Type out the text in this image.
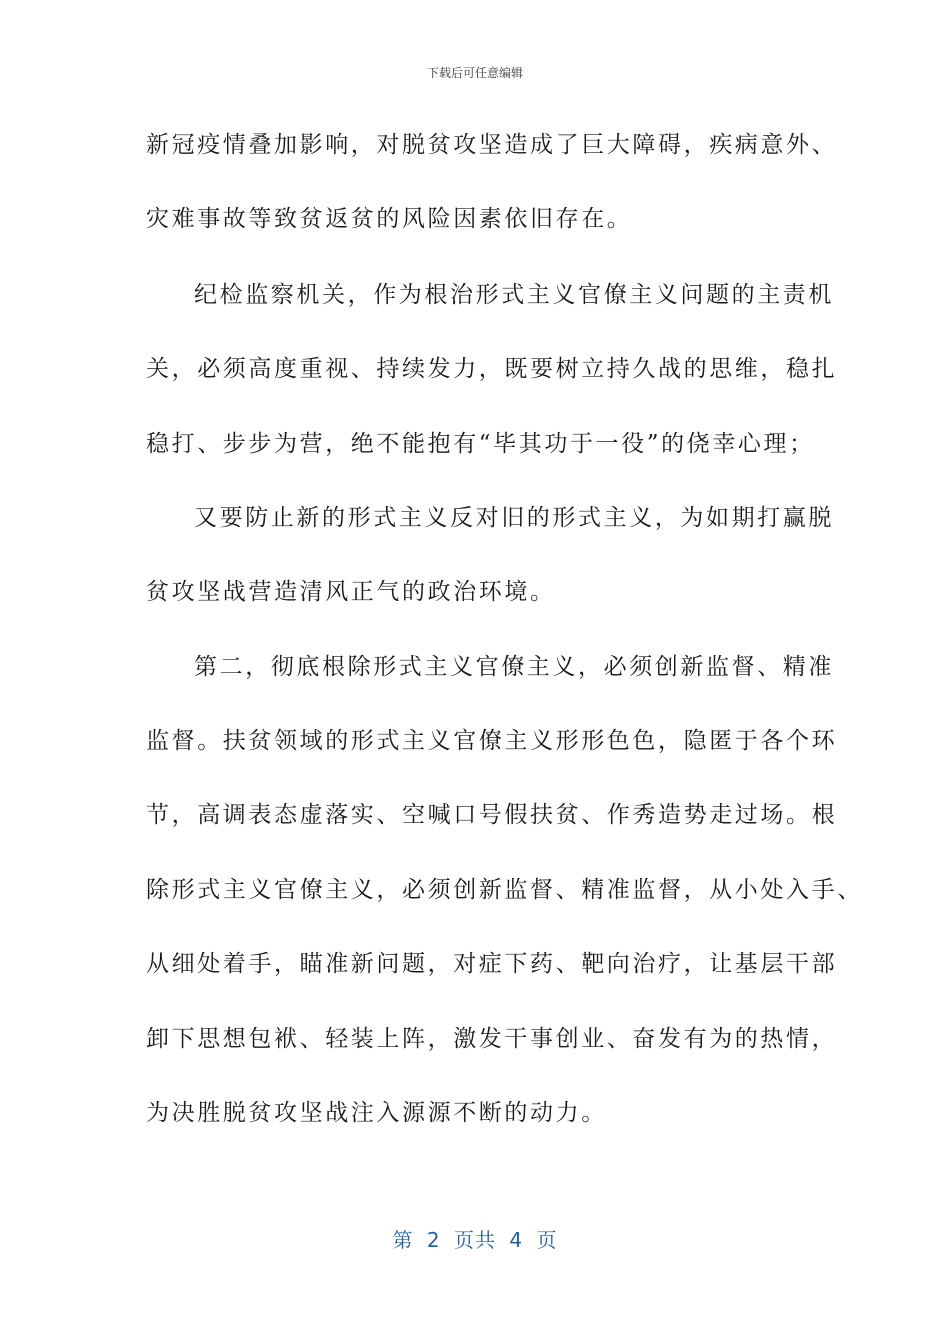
下载后可任意编辑
新冠疫情叠加影响，对脱贫攻坚造成了巨大障碍，疾病意外、
灾难事故等致贫返贫的风险因素依旧存在。
纪检监察机关，作为根治形式主义官僚主义问题的主责机
关，必须高度重视、持续发力，既要树立持久战的思维，稳扎
稳打、步步为营，绝不能抱有“毕其功于一役”的侥幸心理；
又要防止新的形式主义反对旧的形式主义，为如期打赢脱
贫攻坚战营造清风正气的政治环境。
第二，彻底根除形式主义官僚主义，必须创新监督、精准
监督。扶贫领域的形式主义官僚主义形形色色，隐匿于各个环
节，高调表态虚落实、空喊口号假扶贫、作秀造势走过场。根
除形式主义官僚主义，必须创新监督、精准监督，从小处入手、
从细处着手，瞄准新问题，对症下药、靶向治疗，让基层干部
卸下思想包袱、轻装上阵，激发干事创业、奋发有为的热情，
为决胜脱贫攻坚战注入源源不断的动力。
第 2 页共 4 页
